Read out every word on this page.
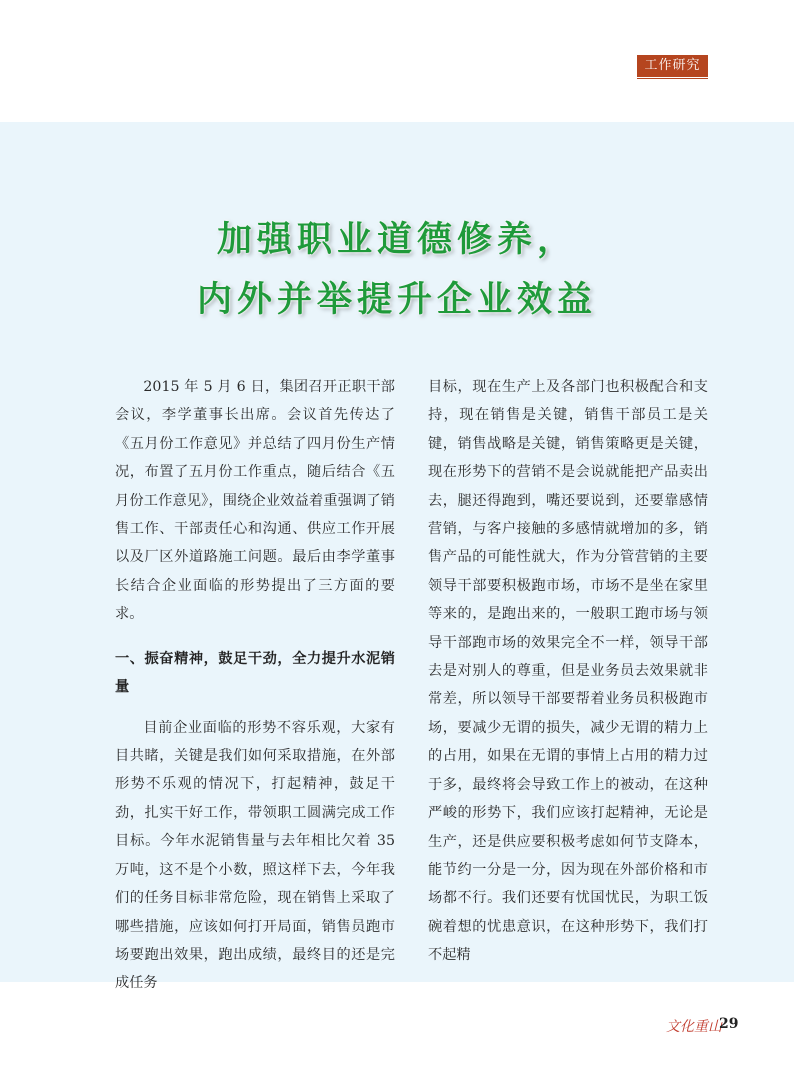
工作研究
加强职业道德修养，
内外并举提升企业效益

2015 年 5 月 6 日，集团召开正职干部会议，李学董事长出席。会议首先传达了《五月份工作意见》并总结了四月份生产情况，布置了五月份工作重点，随后结合《五月份工作意见》，围绕企业效益着重强调了销售工作、干部责任心和沟通、供应工作开展以及厂区外道路施工问题。最后由李学董事长结合企业面临的形势提出了三方面的要求。

一、振奋精神，鼓足干劲，全力提升水泥销量

目前企业面临的形势不容乐观，大家有目共睹，关键是我们如何采取措施，在外部形势不乐观的情况下，打起精神，鼓足干劲，扎实干好工作，带领职工圆满完成工作目标。今年水泥销售量与去年相比欠着 35 万吨，这不是个小数，照这样下去，今年我们的任务目标非常危险，现在销售上采取了哪些措施，应该如何打开局面，销售员跑市场要跑出效果，跑出成绩，最终目的还是完成任务

目标，现在生产上及各部门也积极配合和支持，现在销售是关键，销售干部员工是关键，销售战略是关键，销售策略更是关键，现在形势下的营销不是会说就能把产品卖出去，腿还得跑到，嘴还要说到，还要靠感情营销，与客户接触的多感情就增加的多，销售产品的可能性就大，作为分管营销的主要领导干部要积极跑市场，市场不是坐在家里等来的，是跑出来的，一般职工跑市场与领导干部跑市场的效果完全不一样，领导干部去是对别人的尊重，但是业务员去效果就非常差，所以领导干部要帮着业务员积极跑市场，要减少无谓的损失，减少无谓的精力上的占用，如果在无谓的事情上占用的精力过于多，最终将会导致工作上的被动，在这种严峻的形势下，我们应该打起精神，无论是生产，还是供应要积极考虑如何节支降本，能节约一分是一分，因为现在外部价格和市场都不行。我们还要有忧国忧民，为职工饭碗着想的忧患意识，在这种形势下，我们打不起精

文化重山
29
